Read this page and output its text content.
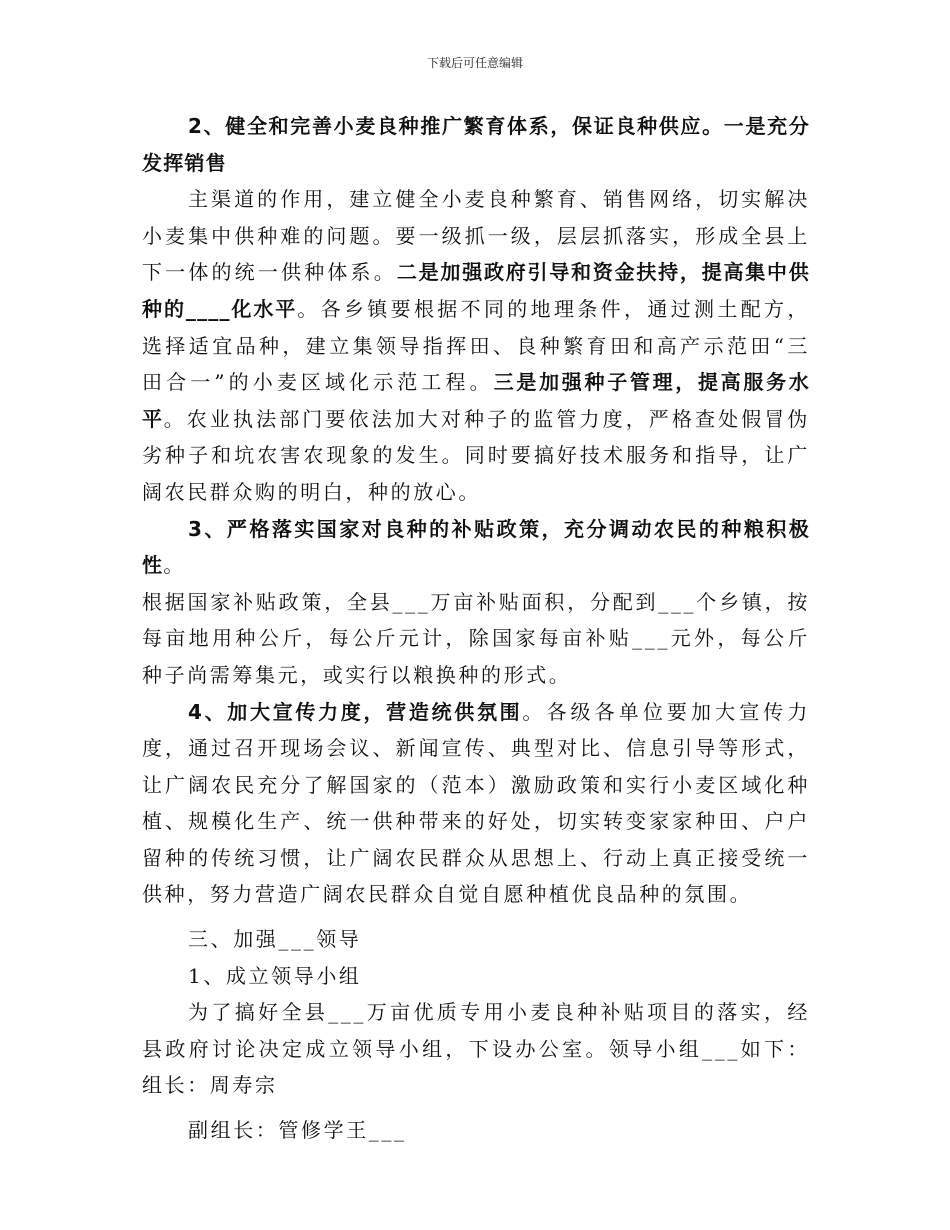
下载后可任意编辑

2、健全和完善小麦良种推广繁育体系，保证良种供应。一是充分发挥销售

主渠道的作用，建立健全小麦良种繁育、销售网络，切实解决小麦集中供种难的问题。要一级抓一级，层层抓落实，形成全县上下一体的统一供种体系。二是加强政府引导和资金扶持，提高集中供种的____化水平。各乡镇要根据不同的地理条件，通过测土配方，选择适宜品种，建立集领导指挥田、良种繁育田和高产示范田“三田合一”的小麦区域化示范工程。三是加强种子管理，提高服务水平。农业执法部门要依法加大对种子的监管力度，严格查处假冒伪劣种子和坑农害农现象的发生。同时要搞好技术服务和指导，让广阔农民群众购的明白，种的放心。

3、严格落实国家对良种的补贴政策，充分调动农民的种粮积极性。

根据国家补贴政策，全县___万亩补贴面积，分配到___个乡镇，按每亩地用种公斤，每公斤元计，除国家每亩补贴___元外，每公斤种子尚需筹集元，或实行以粮换种的形式。

4、加大宣传力度，营造统供氛围。各级各单位要加大宣传力度，通过召开现场会议、新闻宣传、典型对比、信息引导等形式，让广阔农民充分了解国家的（范本）激励政策和实行小麦区域化种植、规模化生产、统一供种带来的好处，切实转变家家种田、户户留种的传统习惯，让广阔农民群众从思想上、行动上真正接受统一供种，努力营造广阔农民群众自觉自愿种植优良品种的氛围。

三、加强___领导

1、成立领导小组

为了搞好全县___万亩优质专用小麦良种补贴项目的落实，经县政府讨论决定成立领导小组，下设办公室。领导小组___如下：组长：周寿宗

副组长：管修学王___
